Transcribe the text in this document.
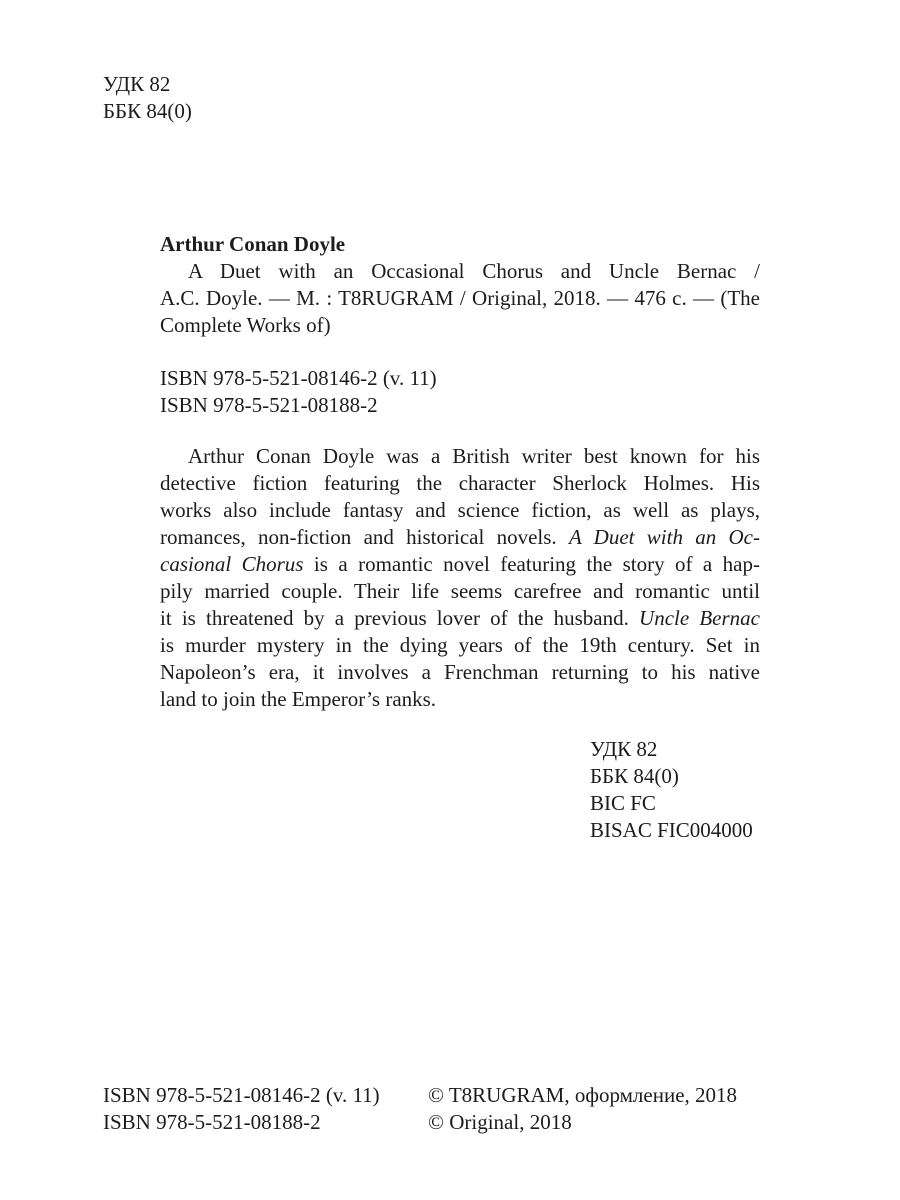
УДК 82
ББК 84(0)
Arthur Conan Doyle
A Duet with an Occasional Chorus and Uncle Bernac /
A.C. Doyle. — M. : T8RUGRAM / Original, 2018. — 476 c. — (The
Complete Works of)
ISBN 978-5-521-08146-2 (v. 11)
ISBN 978-5-521-08188-2
Arthur Conan Doyle was a British writer best known for his
detective fiction featuring the character Sherlock Holmes. His
works also include fantasy and science fiction, as well as plays,
romances, non-fiction and historical novels. A Duet with an Oc-
casional Chorus is a romantic novel featuring the story of a hap-
pily married couple. Their life seems carefree and romantic until
it is threatened by a previous lover of the husband. Uncle Bernac
is murder mystery in the dying years of the 19th century. Set in
Napoleon’s era, it involves a Frenchman returning to his native
land to join the Emperor’s ranks.
УДК 82
ББК 84(0)
BIC FC
BISAC FIC004000
ISBN 978-5-521-08146-2 (v. 11)
ISBN 978-5-521-08188-2
© T8RUGRAM, оформление, 2018
© Original, 2018
